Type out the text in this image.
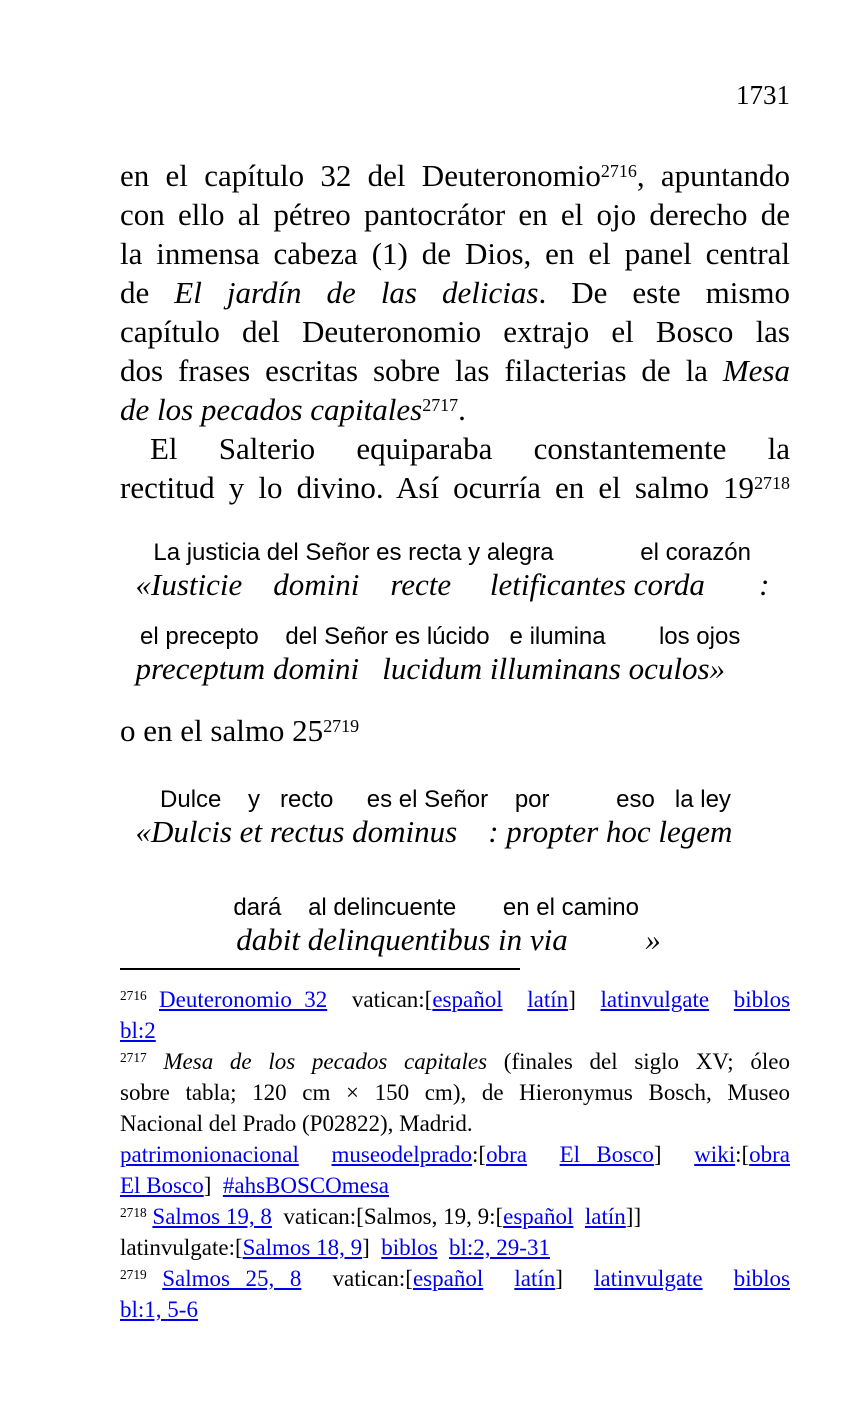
1731
en el capítulo 32 del Deuteronomio$^{2716}$, apuntando
con ello al pétreo pantocrátor en el ojo derecho de
la inmensa cabeza (1) de Dios, en el panel central
de El jardín de las delicias. De este mismo
capítulo del Deuteronomio extrajo el Bosco las
dos frases escritas sobre las filacterias de la Mesa
de los pecados capitales$^{2717}$.
El Salterio equiparaba constantemente la
rectitud y lo divino. Así ocurría en el salmo 19$^{2718}$
La justicia del Señor es recta y alegra             el corazón
«Iusticie    domini    recte     letificantes corda       :
el precepto    del Señor es lúcido   e ilumina        los ojos
preceptum domini   lucidum illuminans oculos»
o en el salmo 25$^{2719}$
Dulce    y   recto     es el Señor    por          eso   la ley
«Dulcis et rectus dominus    : propter hoc legem
dará    al delincuente       en el camino
dabit delinquentibus in via          »
$^{2716}$ Deuteronomio 32  vatican:[español latín]  latinvulgate biblos
bl:2
$^{2717}$ Mesa de los pecados capitales (finales del siglo XV; óleo
sobre tabla; 120 cm × 150 cm), de Hieronymus Bosch, Museo
Nacional del Prado (P02822), Madrid.
patrimonionacional museodelprado:[obra El Bosco]  wiki:[obra
El Bosco]  #ahsBOSCOmesa
$^{2718}$ Salmos 19, 8  vatican:[Salmos, 19, 9:[español latín]]
latinvulgate:[Salmos 18, 9]  biblos bl:2, 29-31
$^{2719}$ Salmos 25, 8  vatican:[español latín]  latinvulgate biblos
bl:1, 5-6
